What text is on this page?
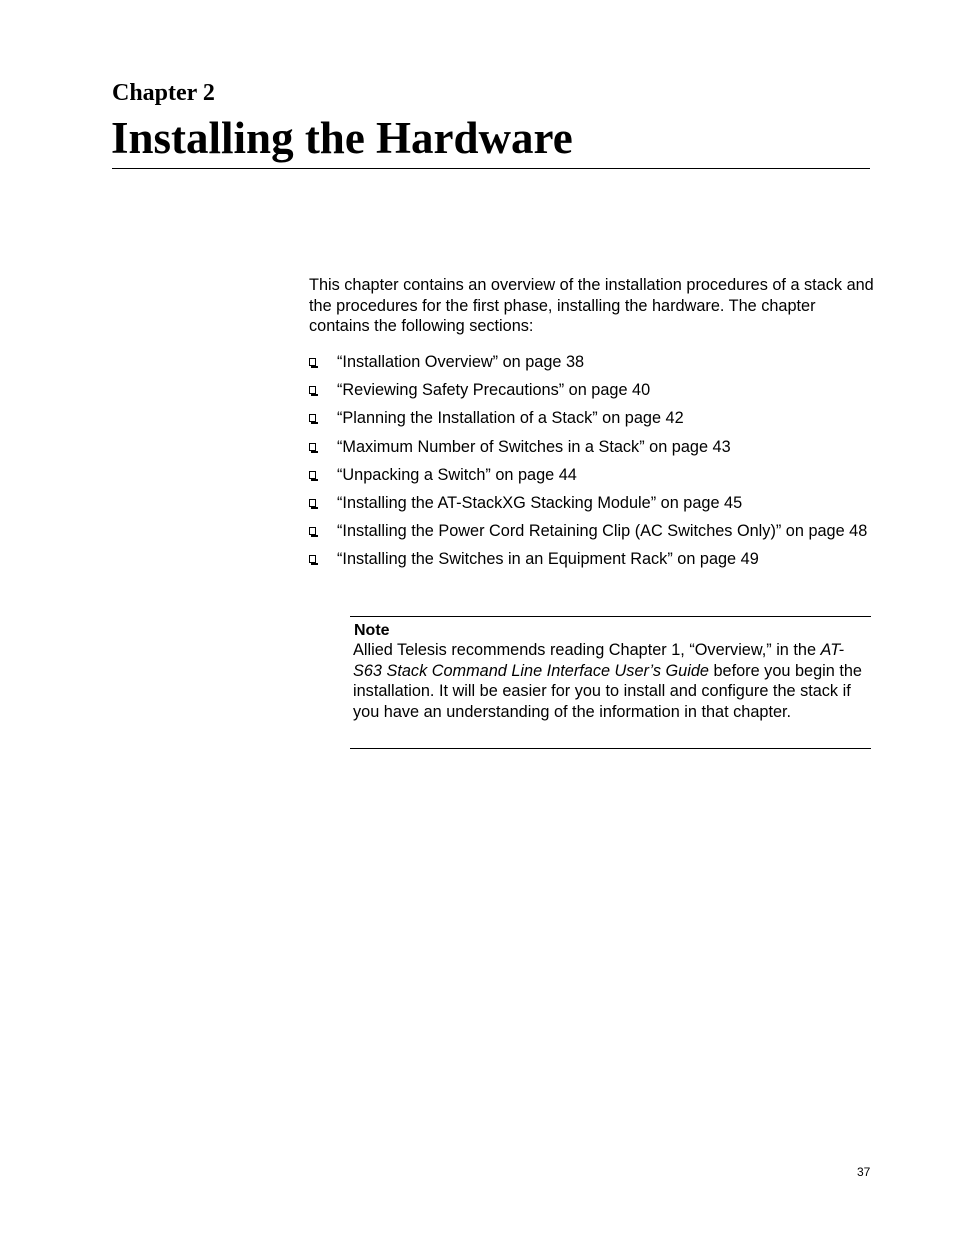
Chapter 2
Installing the Hardware

This chapter contains an overview of the installation procedures of a stack and the procedures for the first phase, installing the hardware. The chapter contains the following sections:

“Installation Overview” on page 38
“Reviewing Safety Precautions” on page 40
“Planning the Installation of a Stack” on page 42
“Maximum Number of Switches in a Stack” on page 43
“Unpacking a Switch” on page 44
“Installing the AT-StackXG Stacking Module” on page 45
“Installing the Power Cord Retaining Clip (AC Switches Only)” on page 48
“Installing the Switches in an Equipment Rack” on page 49
Note

Allied Telesis recommends reading Chapter 1, “Overview,” in the AT-S63 Stack Command Line Interface User’s Guide before you begin the installation. It will be easier for you to install and configure the stack if you have an understanding of the information in that chapter.

37
